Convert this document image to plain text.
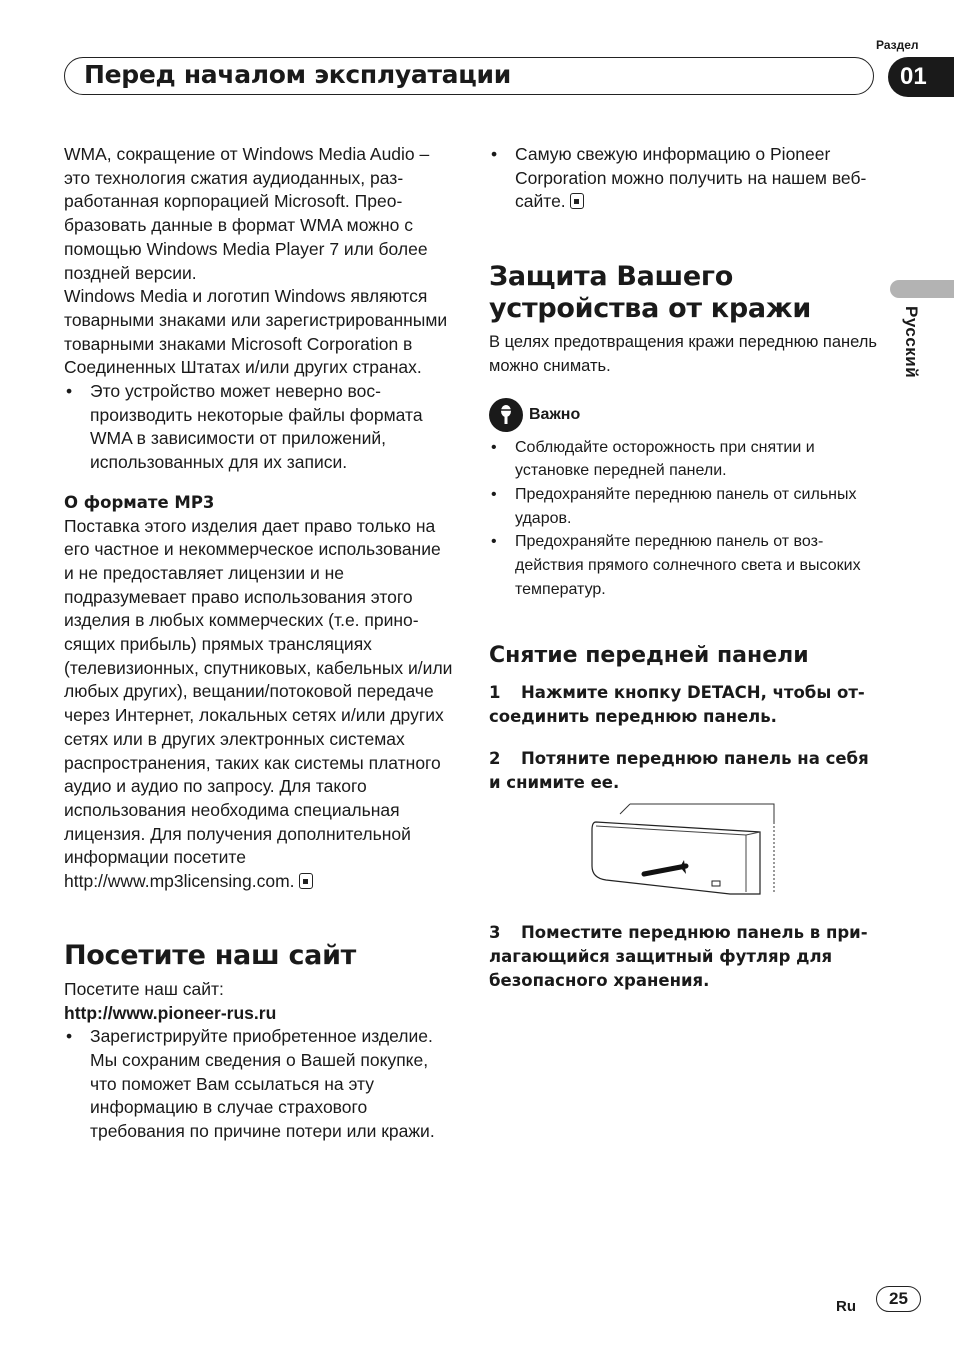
Раздел
Перед началом эксплуатации	01
Русский

WMA, сокращение от Windows Media Audio – это технология сжатия аудиоданных, разработанная корпорацией Microsoft. Преобразовать данные в формат WMA можно с помощью Windows Media Player 7 или более поздней версии.

Windows Media и логотип Windows являются товарными знаками или зарегистрированными товарными знаками Microsoft Corporation в Соединенных Штатах и/или других странах.

• Это устройство может неверно воспроизводить некоторые файлы формата WMA в зависимости от приложений, использованных для их записи.

О формате MP3

Поставка этого изделия дает право только на его частное и некоммерческое использование и не предоставляет лицензии и не подразумевает право использования этого изделия в любых коммерческих (т.е. приносящих прибыль) прямых трансляциях (телевизионных, спутниковых, кабельных и/или любых других), вещании/потоковой передаче через Интернет, локальных сетях и/или других сетях или в других электронных системах распространения, таких как системы платного аудио и аудио по запросу. Для такого использования необходима специальная лицензия. Для получения дополнительной информации посетите http://www.mp3licensing.com.

Посетите наш сайт

Посетите наш сайт:

http://www.pioneer-rus.ru

• Зарегистрируйте приобретенное изделие. Мы сохраним сведения о Вашей покупке, что поможет Вам ссылаться на эту информацию в случае страхового требования по причине потери или кражи.

• Самую свежую информацию о Pioneer Corporation можно получить на нашем веб-сайте.

Защита Вашего устройства от кражи

В целях предотвращения кражи переднюю панель можно снимать.

Важно

• Соблюдайте осторожность при снятии и установке передней панели.

• Предохраняйте переднюю панель от сильных ударов.

• Предохраняйте переднюю панель от воздействия прямого солнечного света и высоких температур.

Снятие передней панели

1 Нажмите кнопку DETACH, чтобы отсоединить переднюю панель.

2 Потяните переднюю панель на себя и снимите ее.

3 Поместите переднюю панель в прилагающийся защитный футляр для безопасного хранения.

Ru	25
